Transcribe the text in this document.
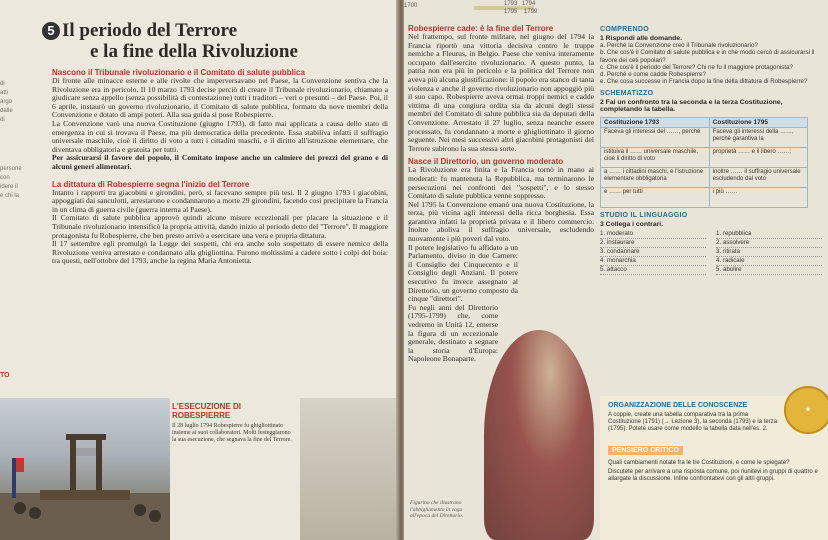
di
atti
argo
dalle
di
persone
con
idere il
e chi la
TO
5 Il periodo del Terrore
e la fine della Rivoluzione
Nascono il Tribunale rivoluzionario e il Comitato di salute pubblica
Di fronte alle minacce esterne e alle rivolte che imperversavano nel Paese, la Convenzione sentiva che la Rivoluzione era in pericolo. Il 10 marzo 1793 decise perciò di creare il Tribunale rivoluzionario, chiamato a giudicare senza appello (senza possibilità di contestazione) tutti i traditori – veri o presunti – del Paese. Poi, il 6 aprile, instaurò un governo rivoluzionario, il Comitato di salute pubblica, formato da nove membri della Convenzione e dotato di ampi poteri. Alla sua guida si pose Robespierre.
La Convenzione varò una nuova Costituzione (giugno 1793), di fatto mai applicata a causa dello stato di emergenza in cui si trovava il Paese, ma più democratica della precedente. Essa stabiliva infatti il suffragio universale maschile, cioè il diritto di voto a tutti i cittadini maschi, e il diritto all'istruzione elementare, che diventava obbligatoria e gratuita per tutti.
Per assicurarsi il favore del popolo, il Comitato impose anche un calmiere dei prezzi del grano e di alcuni generi alimentari.
La dittatura di Robespierre segna l'inizio del Terrore
Intanto i rapporti tra giacobini e girondini, però, si facevano sempre più tesi. Il 2 giugno 1793 i giacobini, appoggiati dai sanculotti, arrestarono e condannarono a morte 29 girondini, facendo così precipitare la Francia in un clima di guerra civile (guerra interna al Paese).
Il Comitato di salute pubblica approvò quindi alcune misure eccezionali per placare la situazione e il Tribunale rivoluzionario intensificò la propria attività, dando inizio al periodo detto del "Terrore". Il maggiore protagonista fu Robespierre, che ben presto arrivò a esercitare una vera e propria dittatura.
Il 17 settembre egli promulgò la Legge dei sospetti, chi era anche solo sospettato di essere nemico della Rivoluzione veniva arrestato e condannato alla ghigliottina. Furono moltissimi a cadere sotto i colpi del boia: tra questi, nell'ottobre del 1793, anche la regina Maria Antonietta.
L'ESECUZIONE DI ROBESPIERRE
Il 28 luglio 1794 Robespierre fu ghigliottinato insieme ai suoi collaboratori. Molti festeggiarono la sua esecuzione, che segnava la fine del Terrore.
1700	1793 1794
1795 1799
Robespierre cade: è la fine del Terrore
Nel frattempo, sul fronte militare, nel giugno del 1794 la Francia riportò una vittoria decisiva contro le truppe nemiche a Fleurus, in Belgio. Paese che veniva interamente occupato dall'esercito rivoluzionario. A questo punto, la patria non era più in pericolo e la politica del Terrore non aveva più alcuna giustificazione: il popolo era stanco di tanta violenza e anche il governo rivoluzionario non appoggiò più il suo capo. Robespierre aveva ormai troppi nemici e cadde vittima di una congiura ordita sia da alcuni degli stessi membri del Comitato di salute pubblica sia da deputati della Convenzione. Arrestato il 27 luglio, senza neanche essere processato, fu condannato a morte e ghigliottinato il giorno seguente. Nei mesi successivi altri giacobini protagonisti del Terrore subirono la sua stessa sorte.
Nasce il Direttorio, un governo moderato
La Rivoluzione era finita e la Francia tornò in mano ai moderati: fu mantenuta la Repubblica, ma terminarono le persecuzioni nei confronti dei "sospetti", e lo stesso Comitato di salute pubblica venne soppresso.
Nel 1795 la Convenzione emanò una nuova Costituzione, la terza, più vicina agli interessi della ricca borghesia. Essa garantiva infatti la proprietà privata e il libero commercio. Inoltre aboliva il suffragio universale, escludendo nuovamente i più poveri dal voto.
Il potere legislativo fu affidato a un Parlamento, diviso in due Camere: il Consiglio dei Cinquecento e il Consiglio degli Anziani. Il potere esecutivo fu invece assegnato al Direttorio, un governo composto da cinque "direttori".
Fu negli anni del Direttorio (1795-1799) che, come vedremo in Unità 12, emerse la figura di un eccezionale generale, destinato a segnare la storia d'Europa: Napoleone Bonaparte.
Figurino che illustrano l'abbigliamento in voga all'epoca del Direttorio.
COMPRENDO
1 Rispondi alle domande.
a. Perché la Convenzione creò il Tribunale rivoluzionario?
b. Che cos'è il Comitato di salute pubblica e in che modo cercò di assicurarsi il favore dei ceti popolari?
c. Che cos'è il periodo del Terrore? Chi ne fu il maggiore protagonista?
d. Perché e come cadde Robespierre?
e. Che cosa successe in Francia dopo la fine della dittatura di Robespierre?
SCHEMATIZZO
2 Fai un confronto tra la seconda e la terza Costituzione, completando la tabella.
Costituzione 1793	Costituzione 1795
Faceva gli interessi del ……, perché	Faceva gli interessi della ……, perché garantiva la
istituiva il …… universale maschile, cioè il diritto di voto	proprietà …… e il libero ……;
a …… i cittadini maschi, e l'istruzione elementare obbligatoria	inoltre …… il suffragio universale escludendo dal voto
e …… per tutti	i più ……
STUDIO IL LINGUAGGIO
3 Collega i contrari.
1. moderato	1. repubblica
2. instaurare	2. assolvere
3. condannare	3. ritirata
4. monarchia	4. radicale
5. attacco	5. abolire
ORGANIZZAZIONE DELLE CONOSCENZE
A coppie, create una tabella comparativa tra la prima Costituzione (1791) (→ Lezione 3), la seconda (1793) e la terza (1795). Potete usare come modello la tabella data nell'es. 2.
PENSIERO CRITICO
Quali cambiamenti notate fra le tre Costituzioni, e come le spiegate?
Discutete per arrivare a una risposta comune, poi riunitevi in gruppi di quattro e allargate la discussione. Infine confrontatevi con gli altri gruppi.
★
